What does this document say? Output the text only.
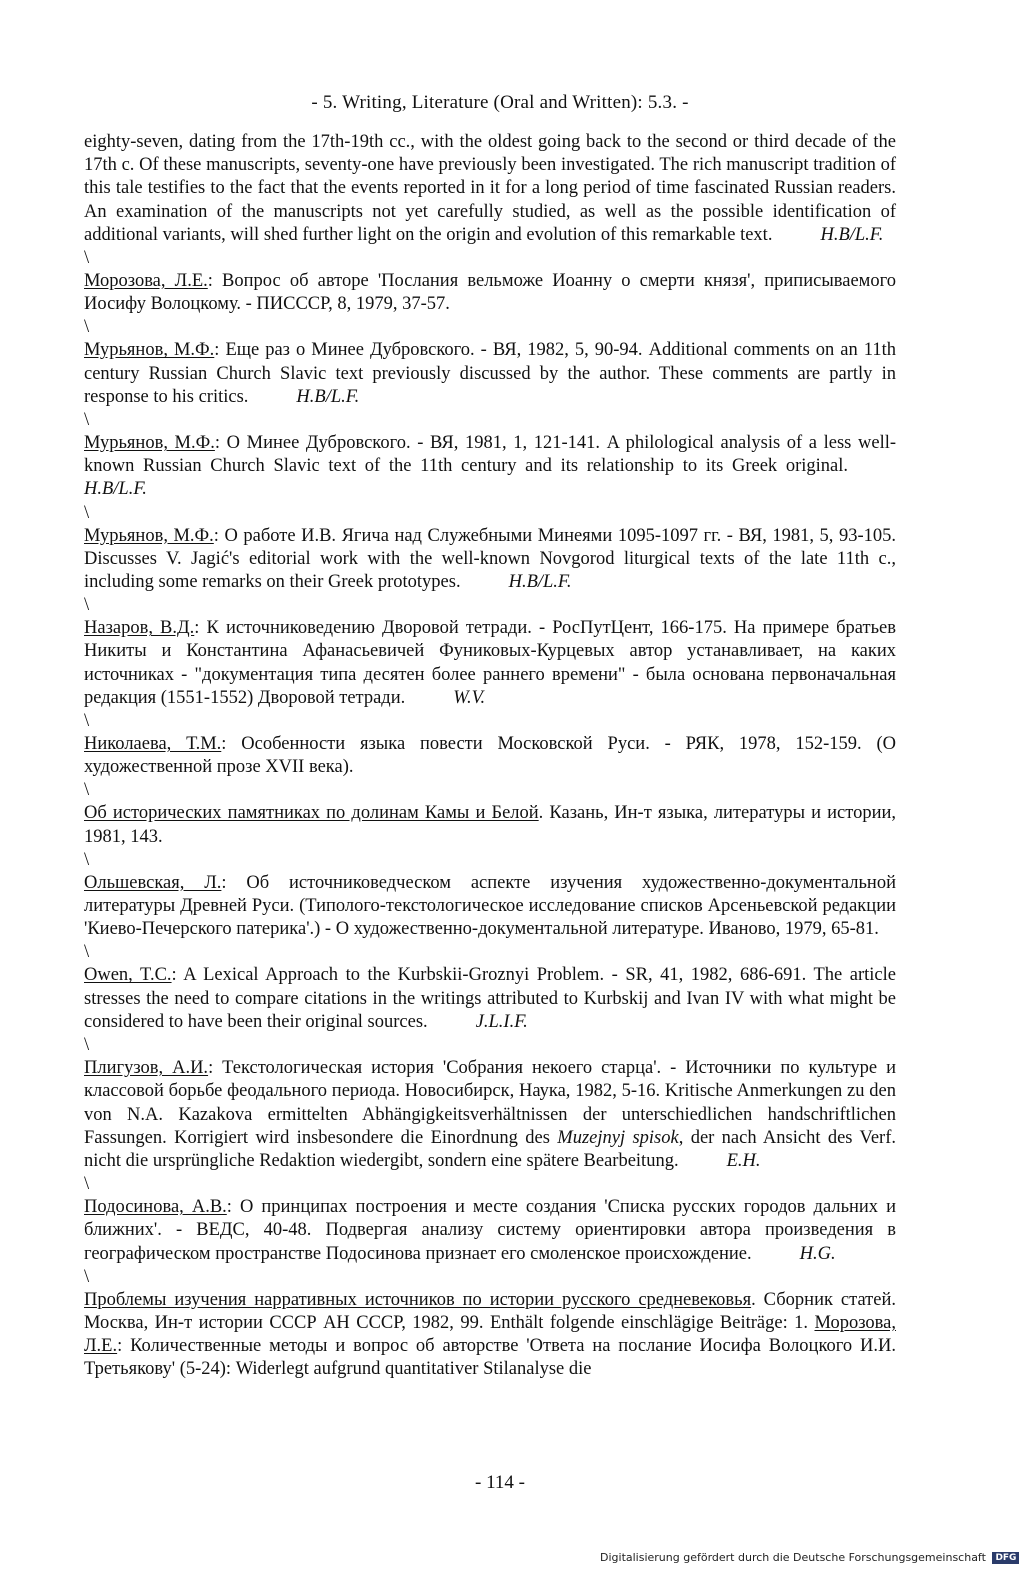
- 5. Writing, Literature (Oral and Written): 5.3. -

eighty-seven, dating from the 17th-19th cc., with the oldest going back to the second or third decade of the 17th c. Of these manuscripts, seventy-one have previously been investigated. The rich manuscript tradition of this tale testifies to the fact that the events reported in it for a long period of time fascinated Russian readers. An examination of the manuscripts not yet carefully studied, as well as the possible identification of additional variants, will shed further light on the origin and evolution of this remarkable text.	H.B/L.F.

\

Морозова, Л.Е.: Вопрос об авторе 'Послания вельможе Иоанну о смерти князя', приписываемого Иосифу Волоцкому. - ПИСССР, 8, 1979, 37-57.

\

Мурьянов, М.Ф.: Еще раз о Минее Дубровского. - ВЯ, 1982, 5, 90-94. Additional comments on an 11th century Russian Church Slavic text previously discussed by the author. These comments are partly in response to his critics.	H.B/L.F.

\

Мурьянов, М.Ф.: О Минее Дубровского. - ВЯ, 1981, 1, 121-141. A philological analysis of a less well-known Russian Church Slavic text of the 11th century and its relationship to its Greek original.H.B/L.F.

\

Мурьянов, М.Ф.: О работе И.В. Ягича над Служебными Минеями 1095-1097 гг. - ВЯ, 1981, 5, 93-105. Discusses V. Jagić's editorial work with the well-known Novgorod liturgical texts of the late 11th c., including some remarks on their Greek prototypes.	H.B/L.F.

\

Назаров, В.Д.: К источниковедению Дворовой тетради. - РосПутЦент, 166-175. На примере братьев Никиты и Константина Афанасьевичей Фуниковых-Курцевых автор устанавливает, на каких источниках - "документация типа десятен более раннего времени" - была основана первоначальная редакция (1551-1552) Дворовой тетради.	W.V.

\

Николаева, Т.М.: Особенности языка повести Московской Руси. - РЯК, 1978, 152-159. (О художественной прозе XVII века).

\

Об исторических памятниках по долинам Камы и Белой. Казань, Ин-т языка, литературы и истории, 1981, 143.

\

Ольшевская, Л.: Об источниковедческом аспекте изучения художественно-документальной литературы Древней Руси. (Типолого-текстологическое исследование списков Арсеньевской редакции 'Киево-Печерского патерика'.) - О художественно-документальной литературе. Иваново, 1979, 65-81.

\

Owen, T.C.: A Lexical Approach to the Kurbskii-Groznyi Problem. - SR, 41, 1982, 686-691. The article stresses the need to compare citations in the writings attributed to Kurbskij and Ivan IV with what might be considered to have been their original sources.	J.L.I.F.

\

Плигузов, А.И.: Текстологическая история 'Собрания некоего старца'. - Источники по культуре и классовой борьбе феодального периода. Новосибирск, Наука, 1982, 5-16. Kritische Anmerkungen zu den von N.A. Kazakova ermittelten Abhängigkeitsverhältnissen der unterschiedlichen handschriftlichen Fassungen. Korrigiert wird insbesondere die Einordnung des Muzejnyj spisok, der nach Ansicht des Verf. nicht die ursprüngliche Redaktion wiedergibt, sondern eine spätere Bearbeitung.	E.H.

\

Подосинова, А.В.: О принципах построения и месте создания 'Списка русских городов дальних и ближних'. - ВЕДС, 40-48. Подвергая анализу систему ориентировки автора произведения в географическом пространстве Подосинова признает его смоленское происхождение.	H.G.

\

Проблемы изучения нарративных источников по истории русского средневековья. Сборник статей. Москва, Ин-т истории СССР АН СССР, 1982, 99. Enthält folgende einschlägige Beiträge: 1. Морозова, Л.Е.: Количественные методы и вопрос об авторстве 'Ответа на послание Иосифа Волоцкого И.И. Третьякову' (5-24): Widerlegt aufgrund quantitativer Stilanalyse die

- 114 -
Digitalisierung gefördert durch die Deutsche Forschungsgemeinschaft DFG
